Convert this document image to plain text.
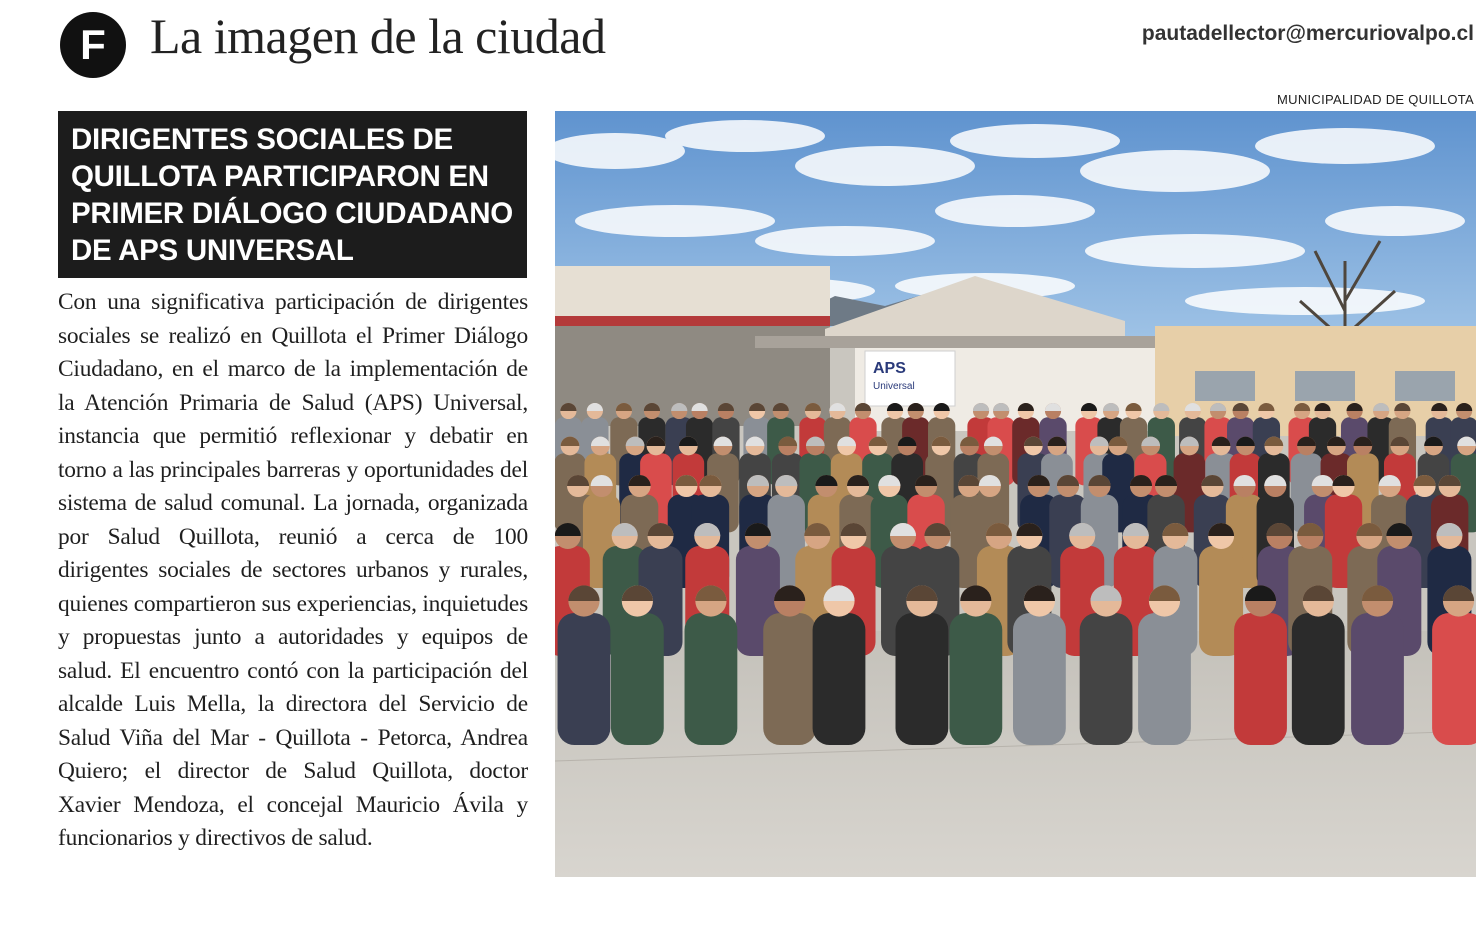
F La imagen de la ciudad	pautadellector@mercuriovalpo.cl
MUNICIPALIDAD DE QUILLOTA
DIRIGENTES SOCIALES DE QUILLOTA PARTICIPARON EN PRIMER DIÁLOGO CIUDADANO DE APS UNIVERSAL

Con una significativa participación de dirigentes sociales se realizó en Quillota el Primer Diálogo Ciudadano, en el marco de la implementación de la Atención Primaria de Salud (APS) Universal, instancia que permitió reflexionar y debatir en torno a las principales barreras y oportunidades del sistema de salud comunal. La jornada, organizada por Salud Quillota, reunió a cerca de 100 dirigentes sociales de sectores urbanos y rurales, quienes compartieron sus experiencias, inquietudes y propuestas junto a autoridades y equipos de salud. El encuentro contó con la participación del alcalde Luis Mella, la directora del Servicio de Salud Viña del Mar - Quillota - Petorca, Andrea Quiero; el director de Salud Quillota, doctor Xavier Mendoza, el concejal Mauricio Ávila y funcionarios y directivos de salud.

APS
Universal
